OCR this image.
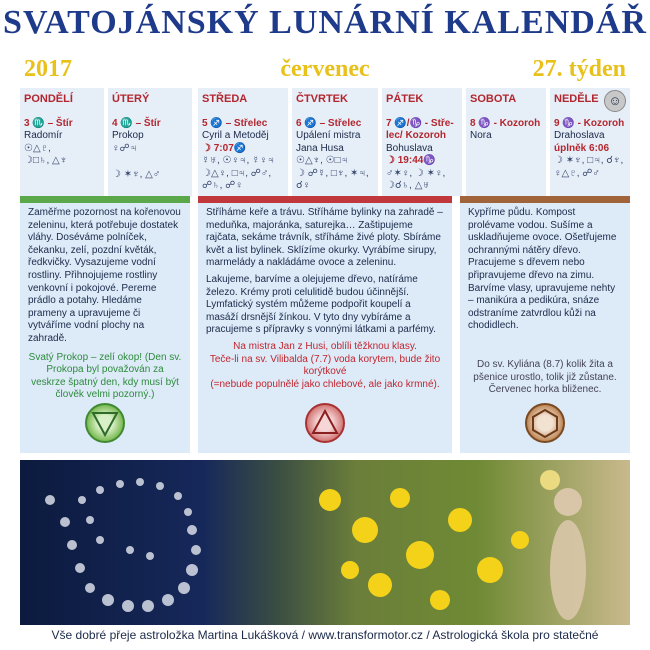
SVATOJÁNSKÝ LUNÁRNÍ KALENDÁŘ
2017	červenec	27. týden
PONDĚLÍ
3 ♏ – Štír
Radomír
☉△♇,
☽□♄, △♆
ÚTERÝ
4 ♏ – Štír
Prokop
♀☍♃
☽ ✶♆, △♂
STŘEDA
5 ♐ – Střelec
Cyril a Metoděj
☽ 7:07♐
☿♅, ☉♀♃, ☿♀♃
☽△♀, □♃, ☍♂, ☍♄, ☍♀
ČTVRTEK
6 ♐ – Střelec
Upálení mistra
Jana Husa
☉△♆, ☉□♃
☽ ☍☿, □♆, ✶♃, ☌♀
PÁTEK
7 ♐/♑ - Stře-
lec/ Kozoroh
Bohuslava
☽ 19:44♑
♂✶♀, ☽ ✶♀, ☽☌♄, △♅
SOBOTA
8 ♑ - Kozoroh
Nora
NEDĚLE ☺
9 ♑ - Kozoroh
Drahoslava
úplněk 6:06
☽ ✶♆, □♃, ☌♆,
♀△♇, ☍♂

Zaměřme pozornost na kořenovou zeleninu, která potřebuje dostatek vláhy. Doséváme polníček, čekanku, zelí, pozdní květák, ředkvičky. Vysazujeme vodní rostliny. Přihnojujeme rostliny venkovní i pokojové. Pereme prádlo a potahy. Hledáme prameny a upravujeme či vytváříme vodní plochy na zahradě.

Svatý Prokop – zelí okop! (Den sv. Prokopa byl považován za veskrze špatný den, kdy musí být člověk velmi pozorný.)

Stříháme keře a trávu. Stříháme bylinky na zahradě – meduňka, majoránka, saturejka… Zaštipujeme rajčata, sekáme trávník, stříháme živé ploty. Sbíráme květ a list bylinek. Sklízíme okurky. Vyrábíme sirupy, marmelády a nakládáme ovoce a zeleninu.

Lakujeme, barvíme a olejujeme dřevo, natíráme železo. Krémy proti celulitidě budou účinnější. Lymfatický systém můžeme podpořit koupelí a masáží drsnější žínkou. V tyto dny vybíráme a pracujeme s přípravky s vonnými látkami a parfémy.

Na mistra Jan z Husi, oblíli těžknou klasy.

Teče-li na sv. Vilibalda (7.7) voda korytem, bude žito korýtkové

(=nebude populnělé jako chlebové, ale jako krmné).

Kypříme půdu. Kompost prolévame vodou. Sušíme a uskladňujeme ovoce. Ošetřujeme ochrannými nátěry dřevo. Pracujeme s dřevem nebo připravujeme dřevo na zimu. Barvíme vlasy, upravujeme nehty – manikúra a pedikúra, snáze odstraníme zatvrdlou kůži na chodidlech.

Do sv. Kyliána (8.7) kolik žita a pšenice urostlo, tolik již zůstane. Červenec horka bliženec.

Vše dobré přeje astroložka Martina Lukášková / www.transformotor.cz / Astrologická škola pro statečné
